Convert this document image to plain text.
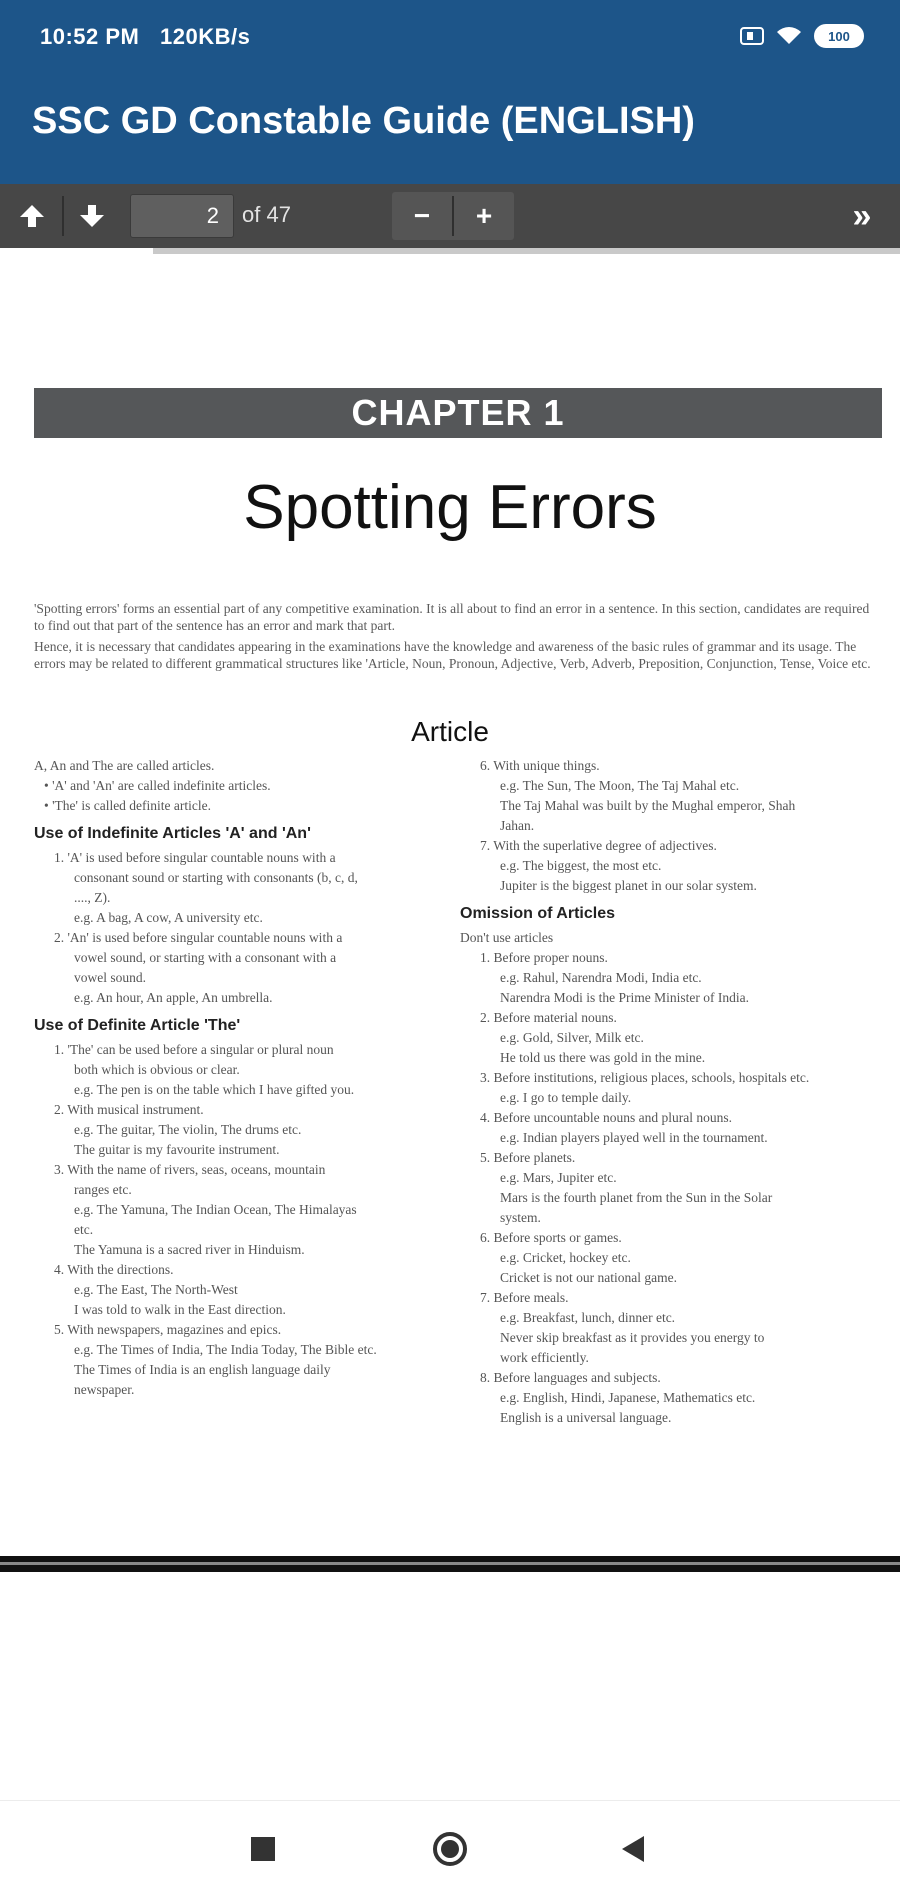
10:52 PM 120KB/s	100
SSC GD Constable Guide (ENGLISH)
2
of 47	−	+	»
CHAPTER 1
Spotting Errors

'Spotting errors' forms an essential part of any competitive examination. It is all about to find an error in a sentence. In this section, candidates are required to find out that part of the sentence has an error and mark that part.

Hence, it is necessary that candidates appearing in the examinations have the knowledge and awareness of the basic rules of grammar and its usage. The errors may be related to different grammatical structures like 'Article, Noun, Pronoun, Adjective, Verb, Adverb, Preposition, Conjunction, Tense, Voice etc.

Article
A, An and The are called articles.
• 'A' and 'An' are called indefinite articles.
• 'The' is called definite article.
Use of Indefinite Articles 'A' and 'An'
1. 'A' is used before singular countable nouns with a
consonant sound or starting with consonants (b, c, d,
...., Z).
e.g. A bag, A cow, A university etc.
2. 'An' is used before singular countable nouns with a
vowel sound, or starting with a consonant with a
vowel sound.
e.g. An hour, An apple, An umbrella.
Use of Definite Article 'The'
1. 'The' can be used before a singular or plural noun
both which is obvious or clear.
e.g. The pen is on the table which I have gifted you.
2. With musical instrument.
e.g. The guitar, The violin, The drums etc.
The guitar is my favourite instrument.
3. With the name of rivers, seas, oceans, mountain
ranges etc.
e.g. The Yamuna, The Indian Ocean, The Himalayas
etc.
The Yamuna is a sacred river in Hinduism.
4. With the directions.
e.g. The East, The North-West
I was told to walk in the East direction.
5. With newspapers, magazines and epics.
e.g. The Times of India, The India Today, The Bible etc.
The Times of India is an english language daily
newspaper.
6. With unique things.
e.g. The Sun, The Moon, The Taj Mahal etc.
The Taj Mahal was built by the Mughal emperor, Shah
Jahan.
7. With the superlative degree of adjectives.
e.g. The biggest, the most etc.
Jupiter is the biggest planet in our solar system.
Omission of Articles
Don't use articles
1. Before proper nouns.
e.g. Rahul, Narendra Modi, India etc.
Narendra Modi is the Prime Minister of India.
2. Before material nouns.
e.g. Gold, Silver, Milk etc.
He told us there was gold in the mine.
3. Before institutions, religious places, schools, hospitals etc.
e.g. I go to temple daily.
4. Before uncountable nouns and plural nouns.
e.g. Indian players played well in the tournament.
5. Before planets.
e.g. Mars, Jupiter etc.
Mars is the fourth planet from the Sun in the Solar
system.
6. Before sports or games.
e.g. Cricket, hockey etc.
Cricket is not our national game.
7. Before meals.
e.g. Breakfast, lunch, dinner etc.
Never skip breakfast as it provides you energy to
work efficiently.
8. Before languages and subjects.
e.g. English, Hindi, Japanese, Mathematics etc.
English is a universal language.
